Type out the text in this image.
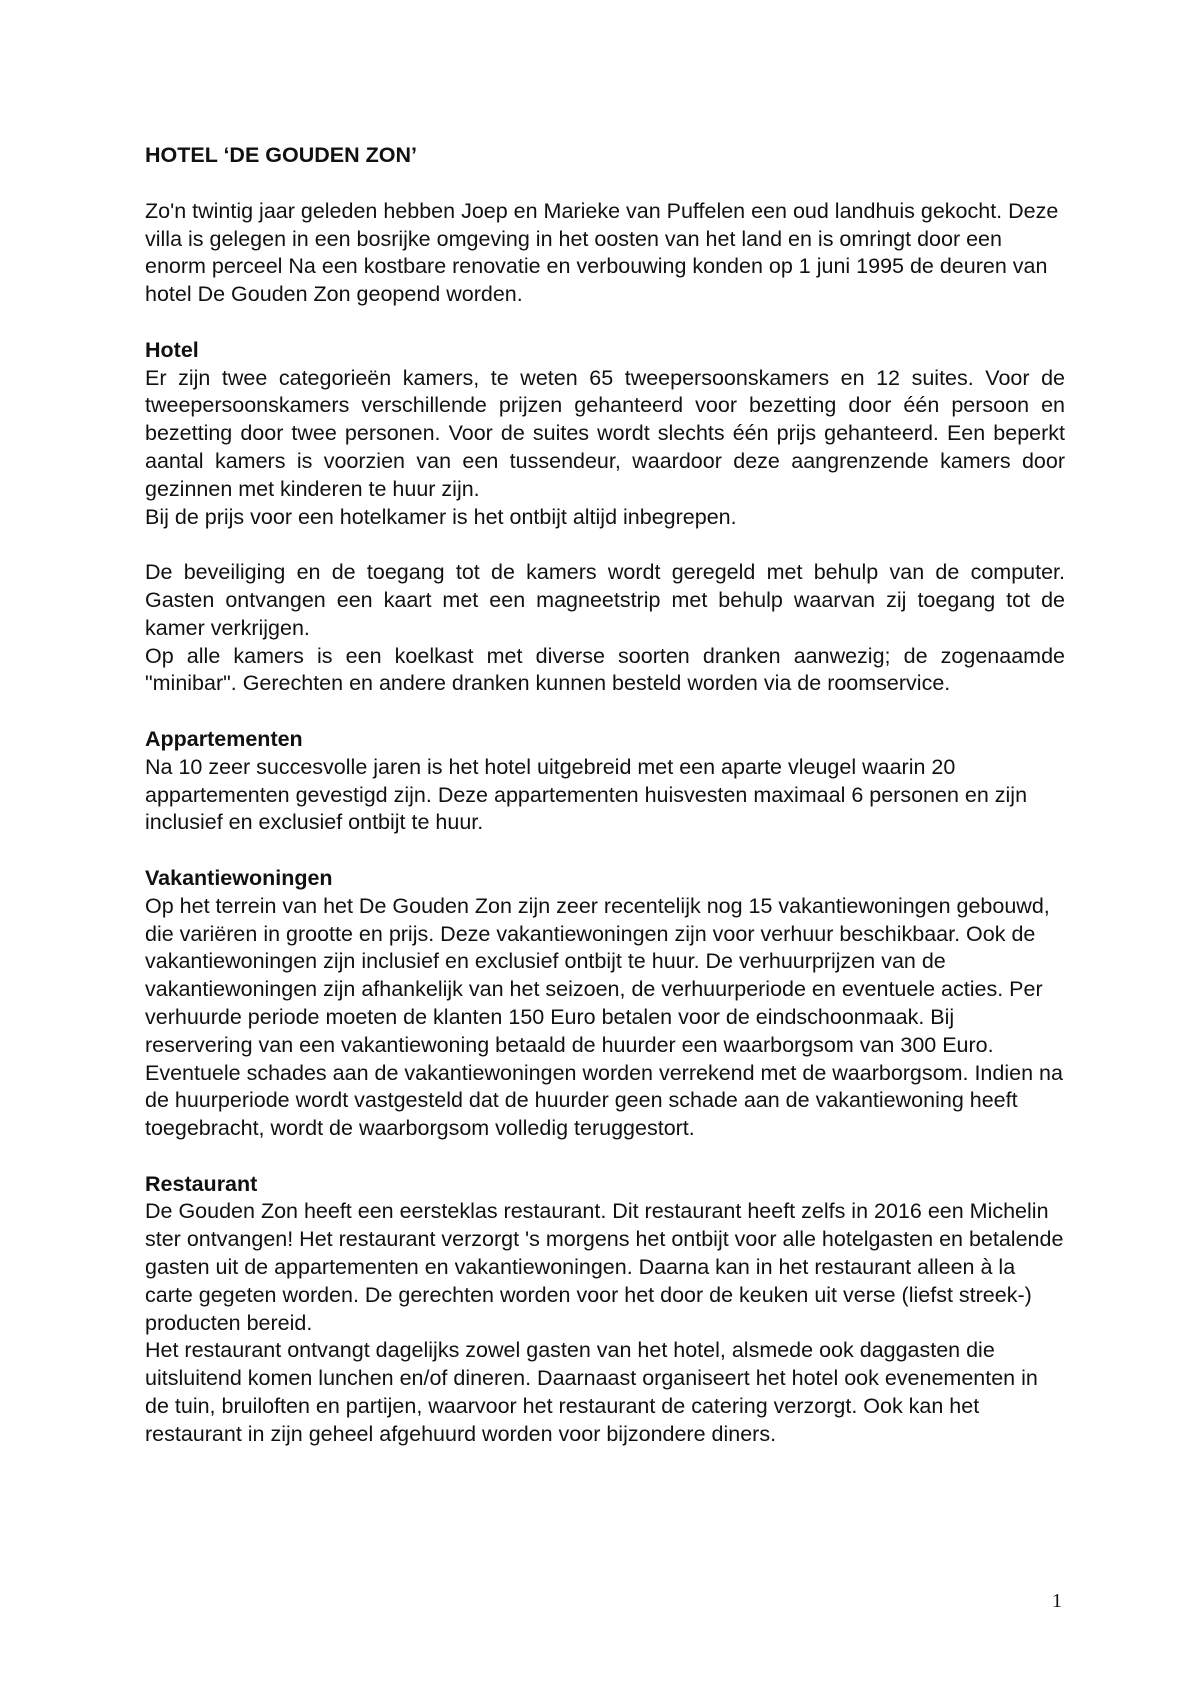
HOTEL ‘DE GOUDEN ZON’

Zo'n twintig jaar geleden hebben Joep en Marieke van Puffelen een oud landhuis gekocht. Deze villa is gelegen in een bosrijke omgeving in het oosten van het land en is omringt door een enorm perceel Na een kostbare renovatie en verbouwing konden op 1 juni 1995 de deuren van hotel De Gouden Zon geopend worden.

Hotel

Er zijn twee categorieën kamers, te weten 65 tweepersoonskamers en 12 suites. Voor de tweepersoonskamers verschillende prijzen gehanteerd voor bezetting door één persoon en bezetting door twee personen. Voor de suites wordt slechts één prijs gehanteerd. Een beperkt aantal kamers is voorzien van een tussendeur, waardoor deze aangrenzende kamers door gezinnen met kinderen te huur zijn.

Bij de prijs voor een hotelkamer is het ontbijt altijd inbegrepen.

De beveiliging en de toegang tot de kamers wordt geregeld met behulp van de computer. Gasten ontvangen een kaart met een magneetstrip met behulp waarvan zij toegang tot de kamer verkrijgen.

Op alle kamers is een koelkast met diverse soorten dranken aanwezig; de zogenaamde "minibar". Gerechten en andere dranken kunnen besteld worden via de roomservice.

Appartementen

Na 10 zeer succesvolle jaren is het hotel uitgebreid met een aparte vleugel waarin 20 appartementen gevestigd zijn. Deze appartementen huisvesten maximaal 6 personen en zijn inclusief en exclusief ontbijt te huur.

Vakantiewoningen

Op het terrein van het De Gouden Zon zijn zeer recentelijk nog 15 vakantiewoningen gebouwd, die variëren in grootte en prijs. Deze vakantiewoningen zijn voor verhuur beschikbaar. Ook de vakantiewoningen zijn inclusief en exclusief ontbijt te huur. De verhuurprijzen van de vakantiewoningen zijn afhankelijk van het seizoen, de verhuurperiode en eventuele acties. Per verhuurde periode moeten de klanten 150 Euro betalen voor de eindschoonmaak. Bij reservering van een vakantiewoning betaald de huurder een waarborgsom van 300 Euro. Eventuele schades aan de vakantiewoningen worden verrekend met de waarborgsom. Indien na de huurperiode wordt vastgesteld dat de huurder geen schade aan de vakantiewoning heeft toegebracht, wordt de waarborgsom volledig teruggestort.

Restaurant

De Gouden Zon heeft een eersteklas restaurant. Dit restaurant heeft zelfs in 2016 een Michelin ster ontvangen! Het restaurant verzorgt 's morgens het ontbijt voor alle hotelgasten en betalende gasten uit de appartementen en vakantiewoningen. Daarna kan in het restaurant alleen à la carte gegeten worden. De gerechten worden voor het door de keuken uit verse (liefst streek-) producten bereid.

Het restaurant ontvangt dagelijks zowel gasten van het hotel, alsmede ook daggasten die uitsluitend komen lunchen en/of dineren. Daarnaast organiseert het hotel ook evenementen in de tuin, bruiloften en partijen, waarvoor het restaurant de catering verzorgt. Ook kan het restaurant in zijn geheel afgehuurd worden voor bijzondere diners.

1
